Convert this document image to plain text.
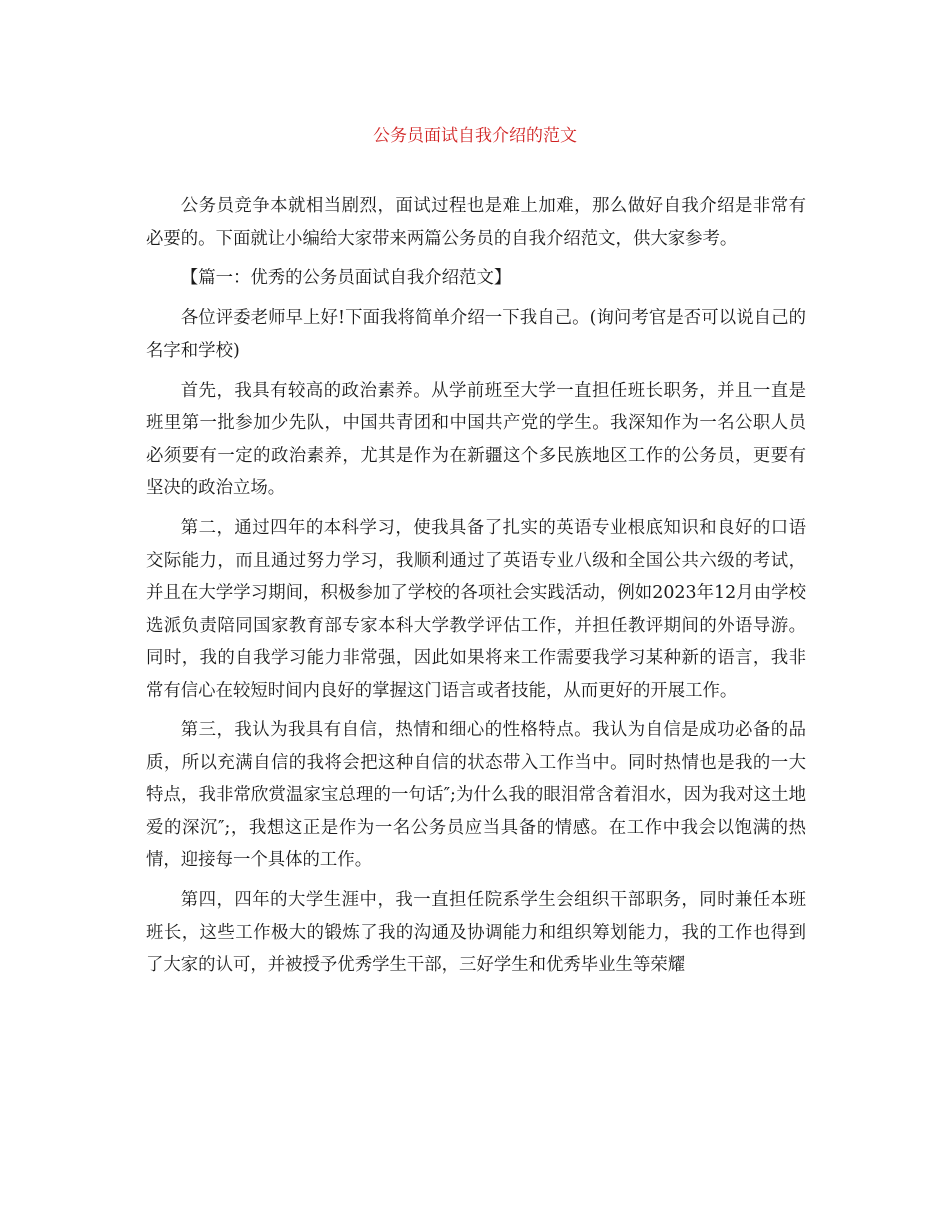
公务员面试自我介绍的范文

公务员竞争本就相当剧烈，面试过程也是难上加难，那么做好自我介绍是非常有必要的。下面就让小编给大家带来两篇公务员的自我介绍范文，供大家参考。

【篇一：优秀的公务员面试自我介绍范文】

各位评委老师早上好!下面我将简单介绍一下我自己。(询问考官是否可以说自己的名字和学校)

首先，我具有较高的政治素养。从学前班至大学一直担任班长职务，并且一直是班里第一批参加少先队，中国共青团和中国共产党的学生。我深知作为一名公职人员必须要有一定的政治素养，尤其是作为在新疆这个多民族地区工作的公务员，更要有坚决的政治立场。

第二，通过四年的本科学习，使我具备了扎实的英语专业根底知识和良好的口语交际能力，而且通过努力学习，我顺利通过了英语专业八级和全国公共六级的考试，并且在大学学习期间，积极参加了学校的各项社会实践活动，例如2023年12月由学校选派负责陪同国家教育部专家本科大学教学评估工作，并担任教评期间的外语导游。同时，我的自我学习能力非常强，因此如果将来工作需要我学习某种新的语言，我非常有信心在较短时间内良好的掌握这门语言或者技能，从而更好的开展工作。

第三，我认为我具有自信，热情和细心的性格特点。我认为自信是成功必备的品质，所以充满自信的我将会把这种自信的状态带入工作当中。同时热情也是我的一大特点，我非常欣赏温家宝总理的一句话″;为什么我的眼泪常含着泪水，因为我对这土地爱的深沉″;，我想这正是作为一名公务员应当具备的情感。在工作中我会以饱满的热情，迎接每一个具体的工作。

第四，四年的大学生涯中，我一直担任院系学生会组织干部职务，同时兼任本班班长，这些工作极大的锻炼了我的沟通及协调能力和组织筹划能力，我的工作也得到了大家的认可，并被授予优秀学生干部，三好学生和优秀毕业生等荣耀
